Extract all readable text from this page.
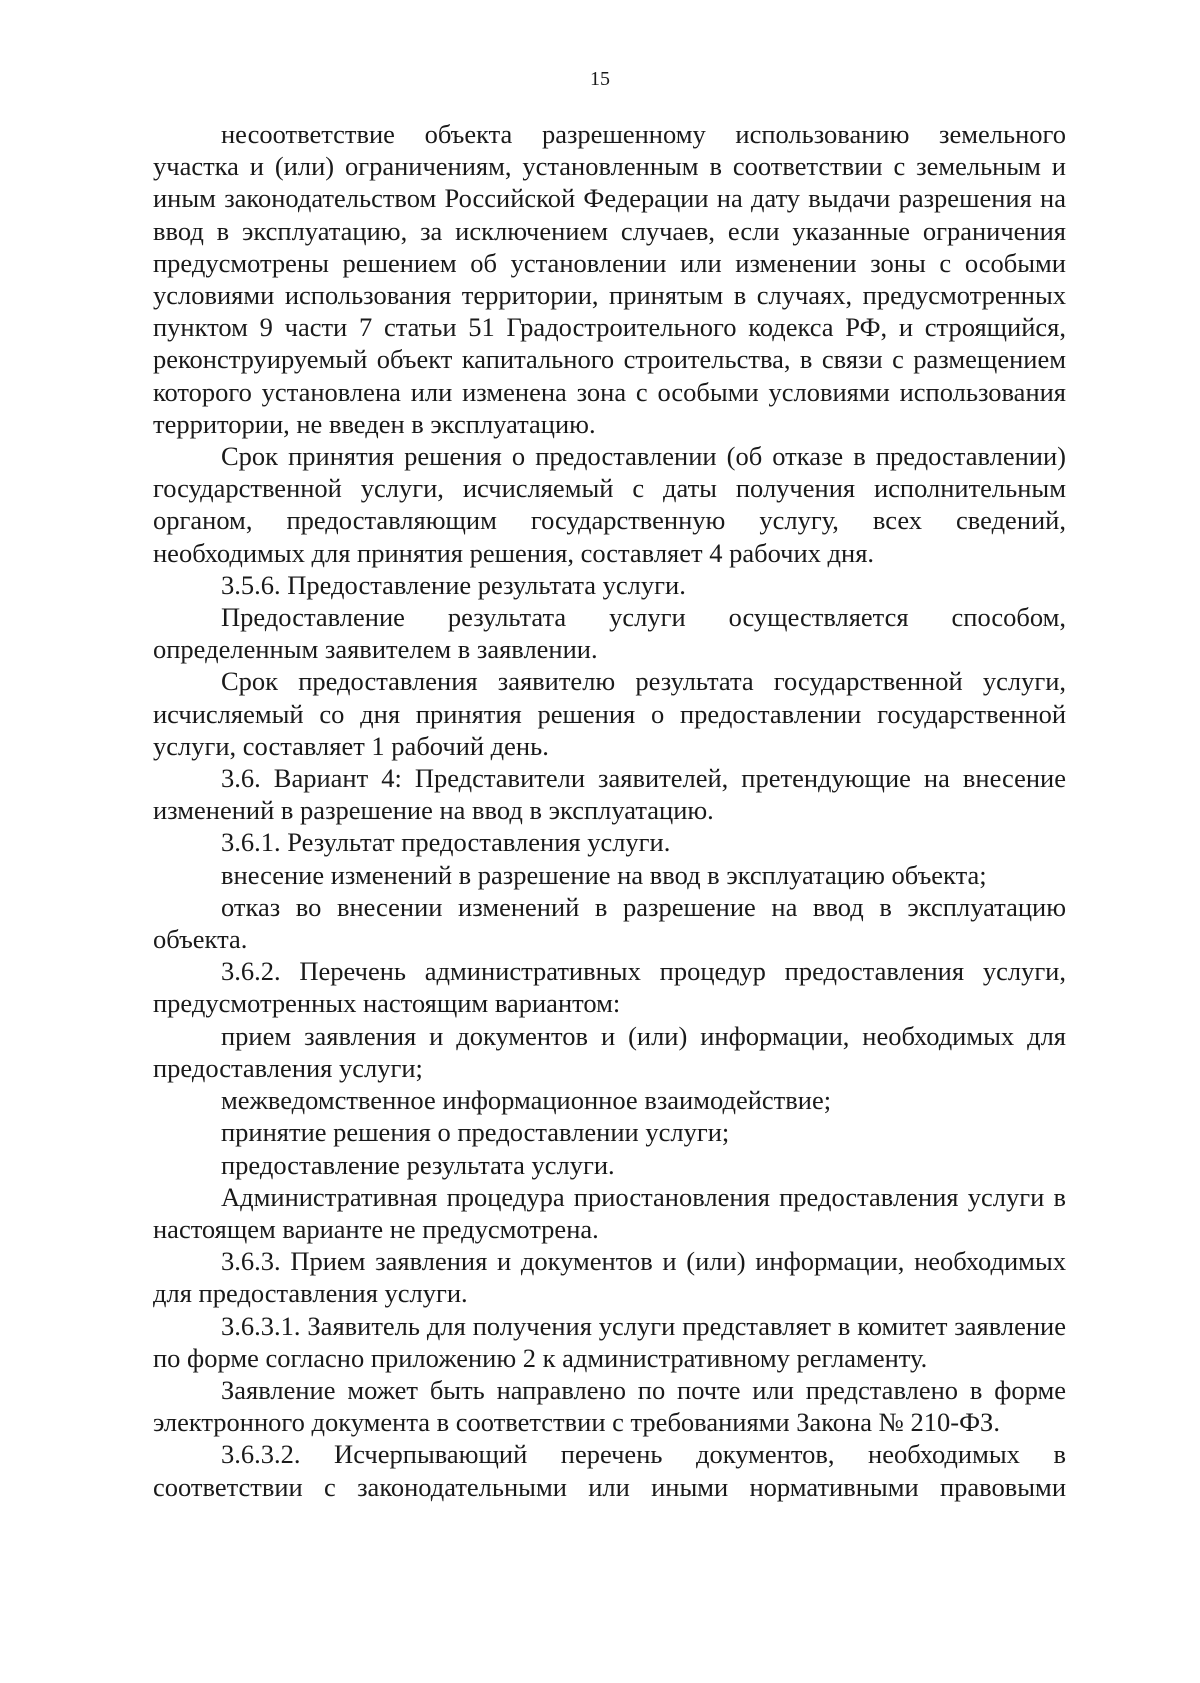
15

несоответствие объекта разрешенному использованию земельного участка и (или) ограничениям, установленным в соответствии с земельным и иным законодательством Российской Федерации на дату выдачи разрешения на ввод в эксплуатацию, за исключением случаев, если указанные ограничения предусмотрены решением об установлении или изменении зоны с особыми условиями использования территории, принятым в случаях, предусмотренных пунктом 9 части 7 статьи 51 Градостроительного кодекса РФ, и строящийся, реконструируемый объект капитального строительства, в связи с размещением которого установлена или изменена зона с особыми условиями использования территории, не введен в эксплуатацию.

Срок принятия решения о предоставлении (об отказе в предоставлении) государственной услуги, исчисляемый с даты получения исполнительным органом, предоставляющим государственную услугу, всех сведений, необходимых для принятия решения, составляет 4 рабочих дня.

3.5.6. Предоставление результата услуги.

Предоставление результата услуги осуществляется способом, определенным заявителем в заявлении.

Срок предоставления заявителю результата государственной услуги, исчисляемый со дня принятия решения о предоставлении государственной услуги, составляет 1 рабочий день.

3.6. Вариант 4: Представители заявителей, претендующие на внесение изменений в разрешение на ввод в эксплуатацию.

3.6.1. Результат предоставления услуги.

внесение изменений в разрешение на ввод в эксплуатацию объекта;

отказ во внесении изменений в разрешение на ввод в эксплуатацию объекта.

3.6.2. Перечень административных процедур предоставления услуги, предусмотренных настоящим вариантом:

прием заявления и документов и (или) информации, необходимых для предоставления услуги;

межведомственное информационное взаимодействие;

принятие решения о предоставлении услуги;

предоставление результата услуги.

Административная процедура приостановления предоставления услуги в настоящем варианте не предусмотрена.

3.6.3. Прием заявления и документов и (или) информации, необходимых для предоставления услуги.

3.6.3.1. Заявитель для получения услуги представляет в комитет заявление по форме согласно приложению 2 к административному регламенту.

Заявление может быть направлено по почте или представлено в форме электронного документа в соответствии с требованиями Закона № 210-ФЗ.

3.6.3.2. Исчерпывающий перечень документов, необходимых в соответствии с законодательными или иными нормативными правовыми
